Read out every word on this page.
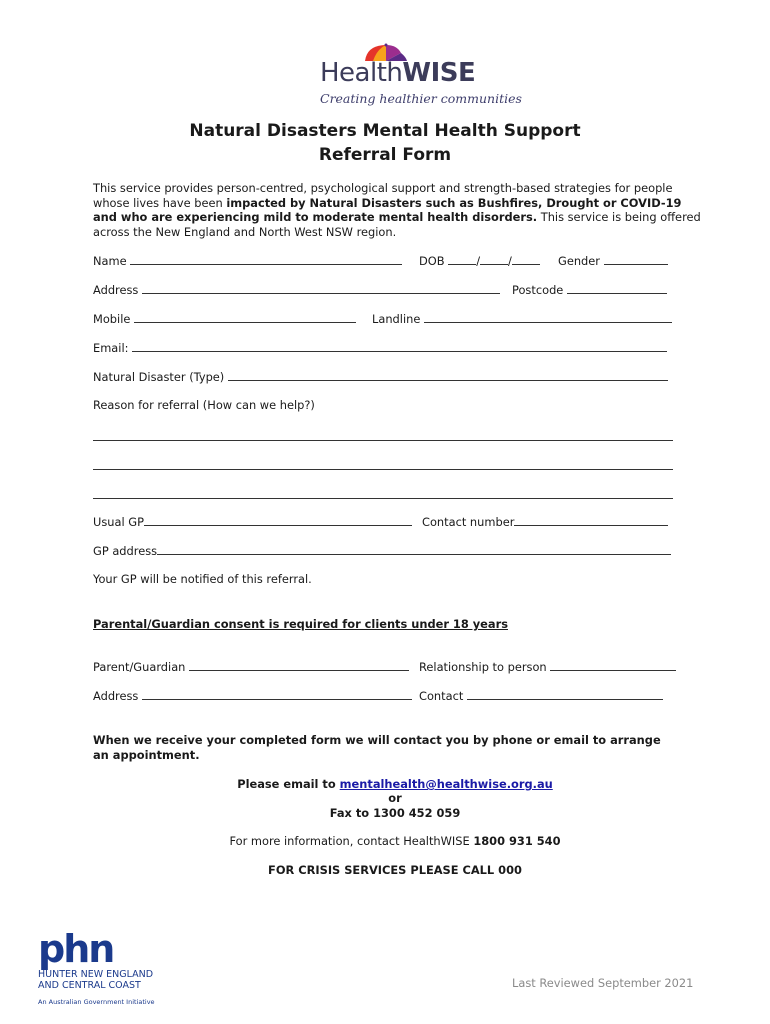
HealthWISE
Creating healthier communities
Natural Disasters Mental Health Support
Referral Form
This service provides person-centred, psychological support and strength-based strategies for people whose lives have been impacted by Natural Disasters such as Bushfires, Drought or COVID-19 and who are experiencing mild to moderate mental health disorders. This service is being offered across the New England and North West NSW region.
Name	DOB	/ /	Gender
Address	Postcode
Mobile	Landline
Email:
Natural Disaster (Type)
Reason for referral (How can we help?)
Usual GP	Contact number
GP address
Your GP will be notified of this referral.
Parental/Guardian consent is required for clients under 18 years
Parent/Guardian	Relationship to person
Address	Contact
When we receive your completed form we will contact you by phone or email to arrange an appointment.
Please email to mentalhealth@healthwise.org.au
or
Fax to 1300 452 059
For more information, contact HealthWISE 1800 931 540
FOR CRISIS SERVICES PLEASE CALL 000
phn
HUNTER NEW ENGLAND
AND CENTRAL COAST
An Australian Government Initiative
Last Reviewed September 2021
